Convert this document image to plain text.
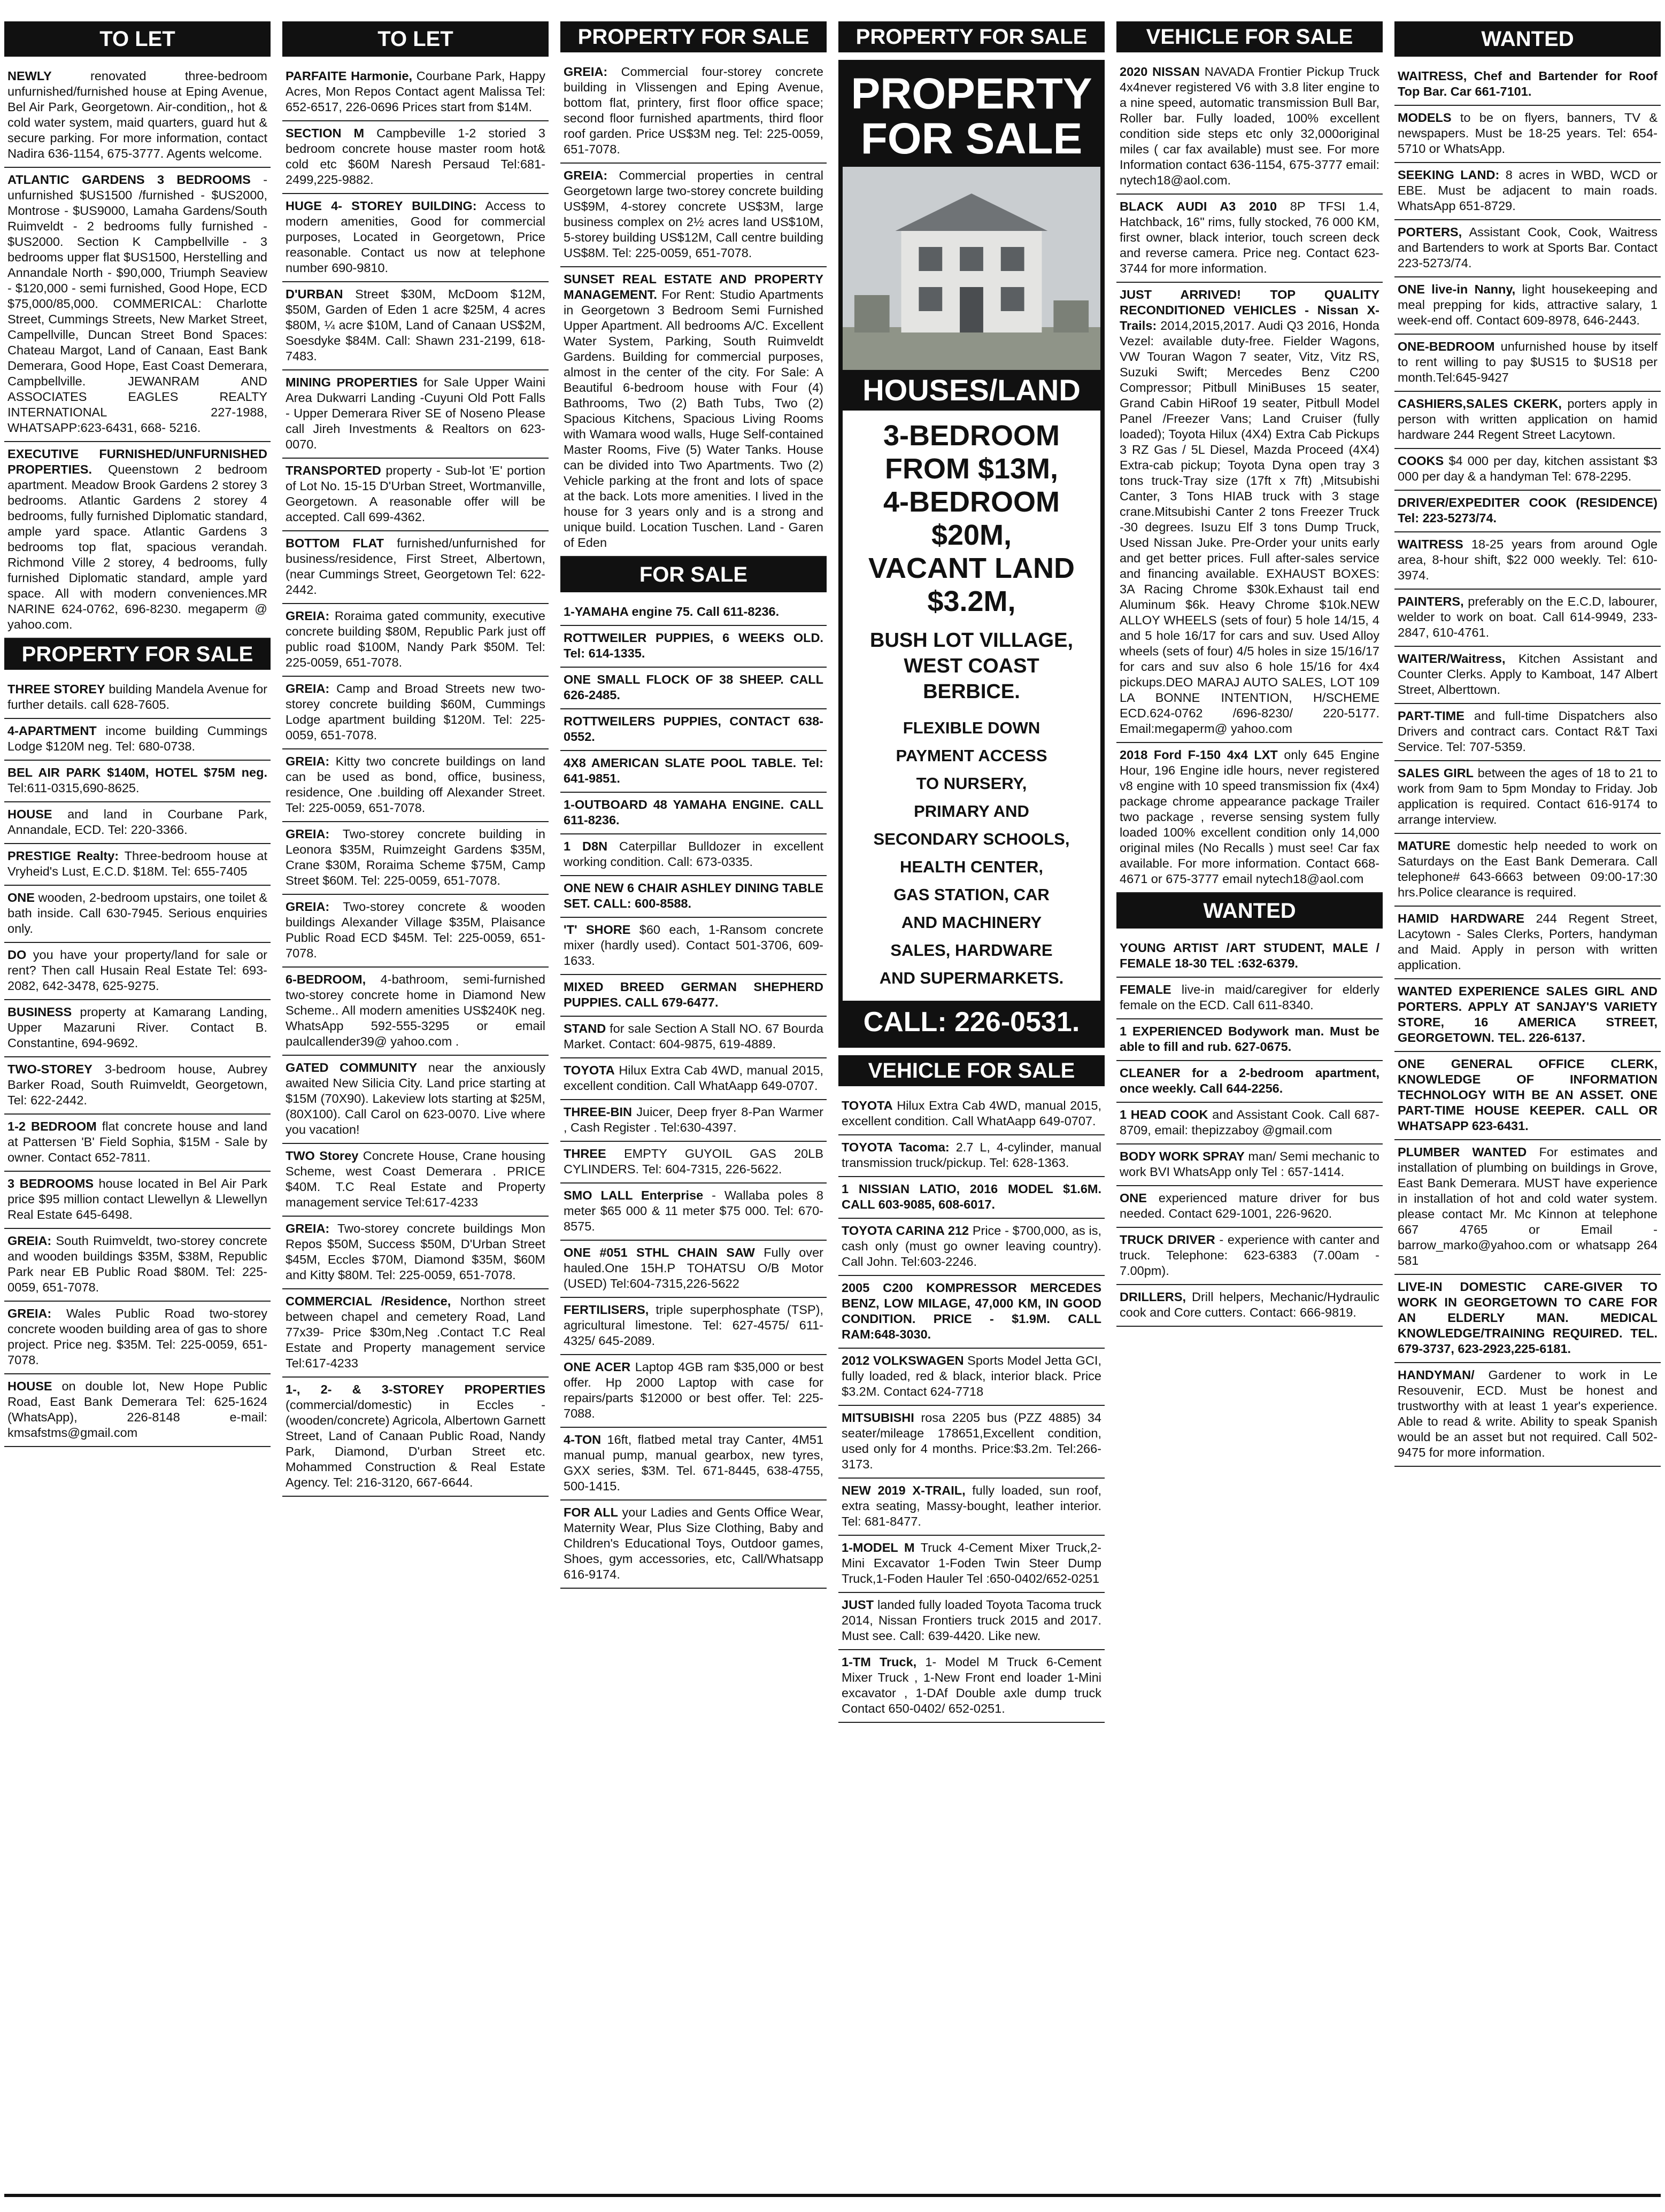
TO LET
NEWLY	renovated three-bedroom unfurnished/furnished house at Eping Avenue, Bel Air Park, Georgetown. Air-condition,, hot & cold water system, maid quarters, guard hut & secure parking. For more information, contact Nadira 636-1154, 675-3777. Agents welcome.
ATLANTIC GARDENS 3 BEDROOMS - unfurnished $US1500 /furnished - $US2000, Montrose - $US9000, Lamaha Gardens/South Ruimveldt - 2 bedrooms fully furnished - $US2000. Section K Campbellville - 3 bedrooms upper flat $US1500, Herstelling and Annandale North - $90,000, Triumph Seaview - $120,000 - semi furnished, Good Hope, ECD $75,000/85,000. COMMERICAL: Charlotte Street, Cummings Streets, New Market Street, Campellville, Duncan Street Bond Spaces: Chateau Margot, Land of Canaan, East Bank Demerara, Good Hope, East Coast Demerara, Campbellville. JEWANRAM AND ASSOCIATES EAGLES REALTY INTERNATIONAL 227-1988, WHATSAPP:623-6431, 668- 5216.
EXECUTIVE FURNISHED/UNFURNISHED PROPERTIES. Queenstown 2 bedroom apartment. Meadow Brook Gardens 2 storey 3 bedrooms. Atlantic Gardens 2 storey 4 bedrooms, fully furnished Diplomatic standard, ample yard space. Atlantic Gardens 3 bedrooms top flat, spacious verandah. Richmond Ville 2 storey, 4 bedrooms, fully furnished Diplomatic standard, ample yard space. All with modern conveniences.MR NARINE 624-0762, 696-8230. megaperm @ yahoo.com.
PROPERTY FOR SALE
THREE STOREY building Mandela Avenue for further details. call 628-7605.
4-APARTMENT income building Cummings Lodge $120M neg. Tel: 680-0738.
BEL AIR PARK $140M, HOTEL $75M neg. Tel:611-0315,690-8625.
HOUSE and land in Courbane Park, Annandale, ECD. Tel: 220-3366.
PRESTIGE Realty: Three-bedroom house at Vryheid's Lust, E.C.D. $18M. Tel: 655-7405
ONE wooden, 2-bedroom upstairs, one toilet & bath inside. Call 630-7945. Serious enquiries only.
DO you have your property/land for sale or rent? Then call Husain Real Estate Tel: 693-2082, 642-3478, 625-9275.
BUSINESS property at Kamarang Landing, Upper Mazaruni River. Contact B. Constantine, 694-9692.
TWO-STOREY 3-bedroom house, Aubrey Barker Road, South Ruimveldt, Georgetown, Tel: 622-2442.
1-2 BEDROOM flat concrete house and land at Pattersen 'B' Field Sophia, $15M - Sale by owner. Contact 652-7811.
3 BEDROOMS house located in Bel Air Park price $95 million contact Llewellyn & Llewellyn Real Estate 645-6498.
GREIA: South Ruimveldt, two-storey concrete and wooden buildings $35M, $38M, Republic Park near EB Public Road $80M. Tel: 225-0059, 651-7078.
GREIA: Wales Public Road two-storey concrete wooden building area of gas to shore project. Price neg. $35M. Tel: 225-0059, 651-7078.
HOUSE on double lot, New Hope Public Road, East Bank Demerara Tel: 625-1624 (WhatsApp), 226-8148 e-mail: kmsafstms@gmail.com
TO LET
PARFAITE Harmonie, Courbane Park, Happy Acres, Mon Repos Contact agent Malissa Tel: 652-6517, 226-0696 Prices start from $14M.
SECTION M Campbeville 1-2 storied 3 bedroom concrete house master room hot& cold etc $60M Naresh Persaud Tel:681-2499,225-9882.
HUGE 4- STOREY BUILDING: Access to modern amenities, Good for commercial purposes, Located in Georgetown, Price reasonable. Contact us now at telephone number 690-9810.
D'URBAN Street $30M, McDoom $12M, $50M, Garden of Eden 1 acre $25M, 4 acres $80M, ¼ acre $10M, Land of Canaan US$2M, Soesdyke $84M. Call: Shawn 231-2199, 618-7483.
MINING PROPERTIES for Sale Upper Waini Area Dukwarri Landing -Cuyuni Old Pott Falls - Upper Demerara River SE of Noseno Please call Jireh Investments & Realtors on 623-0070.
TRANSPORTED property - Sub-lot 'E' portion of Lot No. 15-15 D'Urban Street, Wortmanville, Georgetown. A reasonable offer will be accepted. Call 699-4362.
BOTTOM FLAT furnished/unfurnished for business/residence, First Street, Albertown, (near Cummings Street, Georgetown Tel: 622-2442.
GREIA: Roraima gated community, executive concrete building $80M, Republic Park just off public road $100M, Nandy Park $50M. Tel: 225-0059, 651-7078.
GREIA: Camp and Broad Streets new two-storey concrete building $60M, Cummings Lodge apartment building $120M. Tel: 225-0059, 651-7078.
GREIA: Kitty two concrete buildings on land can be used as bond, office, business, residence, One .building off Alexander Street. Tel: 225-0059, 651-7078.
GREIA: Two-storey concrete building in Leonora $35M, Ruimzeight Gardens $35M, Crane $30M, Roraima Scheme $75M, Camp Street $60M. Tel: 225-0059, 651-7078.
GREIA: Two-storey concrete & wooden buildings Alexander Village $35M, Plaisance Public Road ECD $45M. Tel: 225-0059, 651-7078.
6-BEDROOM, 4-bathroom, semi-furnished two-storey concrete home in Diamond New Scheme.. All modern amenities US$240K neg. WhatsApp 592-555-3295 or email paulcallender39@ yahoo.com .
GATED COMMUNITY near the anxiously awaited New Silicia City. Land price starting at $15M (70X90). Lakeview lots starting at $25M, (80X100). Call Carol on 623-0070. Live where you vacation!
TWO Storey Concrete House, Crane housing Scheme, west Coast Demerara . PRICE $40M. T.C Real Estate and Property management service Tel:617-4233
GREIA: Two-storey concrete buildings Mon Repos $50M, Success $50M, D'Urban Street $45M, Eccles $70M, Diamond $35M, $60M and Kitty $80M. Tel: 225-0059, 651-7078.
COMMERCIAL /Residence, Northon street between chapel and cemetery Road, Land 77x39- Price $30m,Neg .Contact T.C Real Estate and Property management service Tel:617-4233
1-, 2- & 3-STOREY PROPERTIES (commercial/domestic) in Eccles - (wooden/concrete) Agricola, Albertown Garnett Street, Land of Canaan Public Road, Nandy Park, Diamond, D'urban Street etc. Mohammed Construction & Real Estate Agency. Tel: 216-3120, 667-6644.
PROPERTY FOR SALE
GREIA: Commercial four-storey concrete building in Vlissengen and Eping Avenue, bottom flat, printery, first floor office space; second floor furnished apartments, third floor roof garden. Price US$3M neg. Tel: 225-0059, 651-7078.
GREIA: Commercial properties in central Georgetown large two-storey concrete building US$9M, 4-storey concrete US$3M, large business complex on 2½ acres land US$10M, 5-storey building US$12M, Call centre building US$8M. Tel: 225-0059, 651-7078.
SUNSET REAL ESTATE AND PROPERTY MANAGEMENT. For Rent: Studio Apartments in Georgetown 3 Bedroom Semi Furnished Upper Apartment. All bedrooms A/C. Excellent Water System, Parking, South Ruimveldt Gardens. Building for commercial purposes, almost in the center of the city. For Sale: A Beautiful 6-bedroom house with Four (4) Bathrooms, Two (2) Bath Tubs, Two (2) Spacious Kitchens, Spacious Living Rooms with Wamara wood walls, Huge Self-contained Master Rooms, Five (5) Water Tanks. House can be divided into Two Apartments. Two (2) Vehicle parking at the front and lots of space at the back. Lots more amenities. I lived in the house for 3 years only and is a strong and unique build. Location Tuschen. Land - Garen of Eden
FOR SALE
1-YAMAHA engine 75. Call 611-8236.
ROTTWEILER PUPPIES, 6 WEEKS OLD. Tel: 614-1335.
ONE SMALL FLOCK OF 38 SHEEP. CALL 626-2485.
ROTTWEILERS PUPPIES, CONTACT 638-0552.
4X8 AMERICAN SLATE POOL TABLE. Tel: 641-9851.
1-OUTBOARD 48 YAMAHA ENGINE. CALL 611-8236.
1 D8N Caterpillar Bulldozer in excellent working condition. Call: 673-0335.
ONE NEW 6 CHAIR ASHLEY DINING TABLE SET. CALL: 600-8588.
'T' SHORE $60 each, 1-Ransom concrete mixer (hardly used). Contact 501-3706, 609-1633.
MIXED BREED GERMAN SHEPHERD PUPPIES. CALL 679-6477.
STAND for sale Section A Stall NO. 67 Bourda Market. Contact: 604-9875, 619-4889.
TOYOTA Hilux Extra Cab 4WD, manual 2015, excellent condition. Call WhatAapp 649-0707.
THREE-BIN Juicer, Deep fryer 8-Pan Warmer , Cash Register . Tel:630-4397.
THREE EMPTY GUYOIL GAS 20LB CYLINDERS. Tel: 604-7315, 226-5622.
SMO LALL Enterprise - Wallaba poles 8 meter $65 000 & 11 meter $75 000. Tel: 670-8575.
ONE #051 STHL CHAIN SAW Fully over hauled.One 15H.P TOHATSU O/B Motor (USED) Tel:604-7315,226-5622
FERTILISERS, triple superphosphate (TSP), agricultural limestone. Tel: 627-4575/ 611-4325/ 645-2089.
ONE ACER Laptop 4GB ram $35,000 or best offer. Hp 2000 Laptop with case for repairs/parts $12000 or best offer. Tel: 225-7088.
4-TON 16ft, flatbed metal tray Canter, 4M51 manual pump, manual gearbox, new tyres, GXX series, $3M. Tel. 671-8445, 638-4755, 500-1415.
FOR ALL your Ladies and Gents Office Wear, Maternity Wear, Plus Size Clothing, Baby and Children's Educational Toys, Outdoor games, Shoes, gym accessories, etc, Call/Whatsapp 616-9174.
PROPERTY FOR SALE
PROPERTY
FOR SALE
HOUSES/LAND
3-BEDROOM
FROM $13M,
4-BEDROOM
$20M,
VACANT LAND
$3.2M,
BUSH LOT VILLAGE,
WEST COAST
BERBICE.
FLEXIBLE DOWN
PAYMENT ACCESS
TO NURSERY,
PRIMARY AND
SECONDARY SCHOOLS,
HEALTH CENTER,
GAS STATION, CAR
AND MACHINERY
SALES, HARDWARE
AND SUPERMARKETS.
CALL: 226-0531.
VEHICLE FOR SALE
TOYOTA Hilux Extra Cab 4WD, manual 2015, excellent condition. Call WhatAapp 649-0707.
TOYOTA Tacoma: 2.7 L, 4-cylinder, manual transmission truck/pickup. Tel: 628-1363.
1 NISSIAN LATIO, 2016 MODEL $1.6M. CALL 603-9085, 608-6017.
TOYOTA CARINA 212 Price - $700,000, as is, cash only (must go owner leaving country). Call John. Tel:603-2246.
2005 C200 KOMPRESSOR MERCEDES BENZ, LOW MILAGE, 47,000 KM, IN GOOD CONDITION. PRICE - $1.9M. CALL RAM:648-3030.
2012 VOLKSWAGEN Sports Model Jetta GCI, fully loaded, red & black, interior black. Price $3.2M. Contact 624-7718
MITSUBISHI rosa 2205 bus (PZZ 4885) 34 seater/mileage 178651,Excellent condition, used only for 4 months. Price:$3.2m. Tel:266-3173.
NEW 2019 X-TRAIL, fully loaded, sun roof, extra seating, Massy-bought, leather interior. Tel: 681-8477.
1-MODEL M Truck 4-Cement Mixer Truck,2-Mini Excavator 1-Foden Twin Steer Dump Truck,1-Foden Hauler Tel :650-0402/652-0251
JUST landed fully loaded Toyota Tacoma truck 2014, Nissan Frontiers truck 2015 and 2017. Must see. Call: 639-4420. Like new.
1-TM Truck, 1- Model M Truck 6-Cement Mixer Truck , 1-New Front end loader 1-Mini excavator , 1-DAf Double axle dump truck Contact 650-0402/ 652-0251.
VEHICLE FOR SALE
2020 NISSAN NAVADA Frontier Pickup Truck 4x4never registered V6 with 3.8 liter engine to a nine speed, automatic transmission Bull Bar, Roller bar. Fully loaded, 100% excellent condition side steps etc only 32,000original miles ( car fax available) must see. For more Information contact 636-1154, 675-3777 email: nytech18@aol.com.
BLACK AUDI A3 2010 8P TFSI 1.4, Hatchback, 16" rims, fully stocked, 76 000 KM, first owner, black interior, touch screen deck and reverse camera. Price neg. Contact 623-3744 for more information.
JUST ARRIVED! TOP QUALITY RECONDITIONED VEHICLES - Nissan X-Trails: 2014,2015,2017. Audi Q3 2016, Honda Vezel: available duty-free. Fielder Wagons, VW Touran Wagon 7 seater, Vitz, Vitz RS, Suzuki Swift; Mercedes Benz C200 Compressor; Pitbull MiniBuses 15 seater, Grand Cabin HiRoof 19 seater, Pitbull Model Panel /Freezer Vans; Land Cruiser (fully loaded); Toyota Hilux (4X4) Extra Cab Pickups 3 RZ Gas / 5L Diesel, Mazda Proceed (4X4) Extra-cab pickup; Toyota Dyna open tray 3 tons truck-Tray size (17ft x 7ft) ,Mitsubishi Canter, 3 Tons HIAB truck with 3 stage crane.Mitsubishi Canter 2 tons Freezer Truck -30 degrees. Isuzu Elf 3 tons Dump Truck, Used Nissan Juke. Pre-Order your units early and get better prices. Full after-sales service and financing available. EXHAUST BOXES: 3A Racing Chrome $30k.Exhaust tail end Aluminum $6k. Heavy Chrome $10k.NEW ALLOY WHEELS (sets of four) 5 hole 14/15, 4 and 5 hole 16/17 for cars and suv. Used Alloy wheels (sets of four) 4/5 holes in size 15/16/17 for cars and suv also 6 hole 15/16 for 4x4 pickups.DEO MARAJ AUTO SALES, LOT 109 LA BONNE INTENTION, H/SCHEME ECD.624-0762 /696-8230/ 220-5177. Email:megaperm@ yahoo.com
2018 Ford F-150 4x4 LXT only 645 Engine Hour, 196 Engine idle hours, never registered v8 engine with 10 speed transmission fix (4x4) package chrome appearance package Trailer two package , reverse sensing system fully loaded 100% excellent condition only 14,000 original miles (No Recalls ) must see! Car fax available. For more information. Contact 668-4671 or 675-3777 email nytech18@aol.com
WANTED
YOUNG ARTIST /ART STUDENT, MALE / FEMALE 18-30 TEL :632-6379.
FEMALE live-in maid/caregiver for elderly female on the ECD. Call 611-8340.
1 EXPERIENCED Bodywork man. Must be able to fill and rub. 627-0675.
CLEANER for a 2-bedroom apartment, once weekly. Call 644-2256.
1 HEAD COOK and Assistant Cook. Call 687-8709, email: thepizzaboy @gmail.com
BODY WORK SPRAY man/ Semi mechanic to work BVI WhatsApp only Tel : 657-1414.
ONE experienced mature driver for bus needed. Contact 629-1001, 226-9620.
TRUCK DRIVER - experience with canter and truck. Telephone: 623-6383 (7.00am - 7.00pm).
DRILLERS, Drill helpers, Mechanic/Hydraulic cook and Core cutters. Contact: 666-9819.
WANTED
WAITRESS, Chef and Bartender for Roof Top Bar. Car 661-7101.
MODELS to be on flyers, banners, TV & newspapers. Must be 18-25 years. Tel: 654-5710 or WhatsApp.
SEEKING LAND: 8 acres in WBD, WCD or EBE. Must be adjacent to main roads. WhatsApp 651-8729.
PORTERS, Assistant Cook, Cook, Waitress and Bartenders to work at Sports Bar. Contact 223-5273/74.
ONE live-in Nanny, light housekeeping and meal prepping for kids, attractive salary, 1 week-end off. Contact 609-8978, 646-2443.
ONE-BEDROOM unfurnished house by itself to rent willing to pay $US15 to $US18 per month.Tel:645-9427
CASHIERS,SALES CKERK, porters apply in person with written application on hamid hardware 244 Regent Street Lacytown.
COOKS $4 000 per day, kitchen assistant $3 000 per day & a handyman Tel: 678-2295.
DRIVER/EXPEDITER COOK (RESIDENCE) Tel: 223-5273/74.
WAITRESS 18-25 years from around Ogle area, 8-hour shift, $22 000 weekly. Tel: 610-3974.
PAINTERS, preferably on the E.C.D, labourer, welder to work on boat. Call 614-9949, 233-2847, 610-4761.
WAITER/Waitress, Kitchen Assistant and Counter Clerks. Apply to Kamboat, 147 Albert Street, Alberttown.
PART-TIME and full-time Dispatchers also Drivers and contract cars. Contact R&T Taxi Service. Tel: 707-5359.
SALES GIRL between the ages of 18 to 21 to work from 9am to 5pm Monday to Friday. Job application is required. Contact 616-9174 to arrange interview.
MATURE domestic help needed to work on Saturdays on the East Bank Demerara. Call telephone# 643-6663 between 09:00-17:30 hrs.Police clearance is required.
HAMID HARDWARE 244 Regent Street, Lacytown - Sales Clerks, Porters, handyman and Maid. Apply in person with written application.
WANTED EXPERIENCE SALES GIRL AND PORTERS. APPLY AT SANJAY'S VARIETY STORE, 16 AMERICA STREET, GEORGETOWN. TEL. 226-6137.
ONE GENERAL OFFICE CLERK, KNOWLEDGE OF INFORMATION TECHNOLOGY WITH BE AN ASSET. ONE PART-TIME HOUSE KEEPER. CALL OR WHATSAPP 623-6431.
PLUMBER WANTED For estimates and installation of plumbing on buildings in Grove, East Bank Demerara. MUST have experience in installation of hot and cold water system. please contact Mr. Mc Kinnon at telephone 667 4765 or Email - barrow_marko@yahoo.com or whatsapp 264 581
LIVE-IN DOMESTIC CARE-GIVER TO WORK IN GEORGETOWN TO CARE FOR AN ELDERLY MAN. MEDICAL KNOWLEDGE/TRAINING REQUIRED. TEL. 679-3737, 623-2923,225-6181.
HANDYMAN/ Gardener to work in Le Resouvenir, ECD. Must be honest and trustworthy with at least 1 year's experience. Able to read & write. Ability to speak Spanish would be an asset but not required. Call 502-9475 for more information.
